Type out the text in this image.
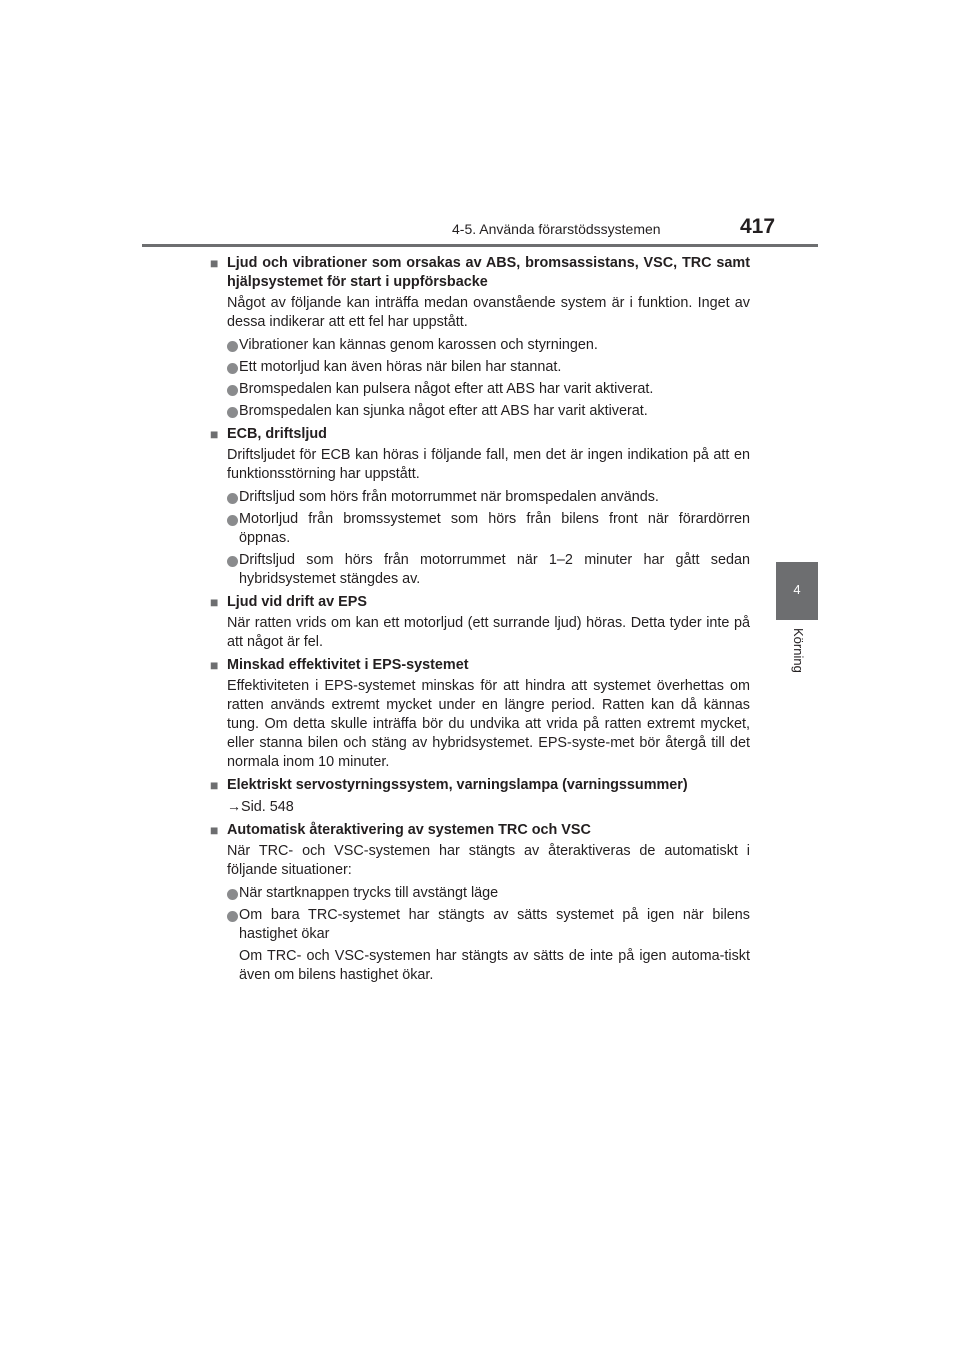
4-5. Använda förarstödssystemen	417
4
Körning
■ Ljud och vibrationer som orsakas av ABS, bromsassistans, VSC, TRC samt hjälpsystemet för start i uppförsbacke
Något av följande kan inträffa medan ovanstående system är i funktion. Inget av dessa indikerar att ett fel har uppstått.
Vibrationer kan kännas genom karossen och styrningen.
Ett motorljud kan även höras när bilen har stannat.
Bromspedalen kan pulsera något efter att ABS har varit aktiverat.
Bromspedalen kan sjunka något efter att ABS har varit aktiverat.
■ ECB, driftsljud
Driftsljudet för ECB kan höras i följande fall, men det är ingen indikation på att en funktionsstörning har uppstått.
Driftsljud som hörs från motorrummet när bromspedalen används.
Motorljud från bromssystemet som hörs från bilens front när förardörren öppnas.
Driftsljud som hörs från motorrummet när 1–2 minuter har gått sedan hybridsystemet stängdes av.
■ Ljud vid drift av EPS
När ratten vrids om kan ett motorljud (ett surrande ljud) höras. Detta tyder inte på att något är fel.
■ Minskad effektivitet i EPS-systemet
Effektiviteten i EPS-systemet minskas för att hindra att systemet överhettas om ratten används extremt mycket under en längre period. Ratten kan då kännas tung. Om detta skulle inträffa bör du undvika att vrida på ratten extremt mycket, eller stanna bilen och stäng av hybridsystemet. EPS-syste-met bör återgå till det normala inom 10 minuter.
■ Elektriskt servostyrningssystem, varningslampa (varningssummer)
→Sid. 548
■ Automatisk återaktivering av systemen TRC och VSC
När TRC- och VSC-systemen har stängts av återaktiveras de automatiskt i följande situationer:
När startknappen trycks till avstängt läge
Om bara TRC-systemet har stängts av sätts systemet på igen när bilens hastighet ökar
Om TRC- och VSC-systemen har stängts av sätts de inte på igen automa-tiskt även om bilens hastighet ökar.
